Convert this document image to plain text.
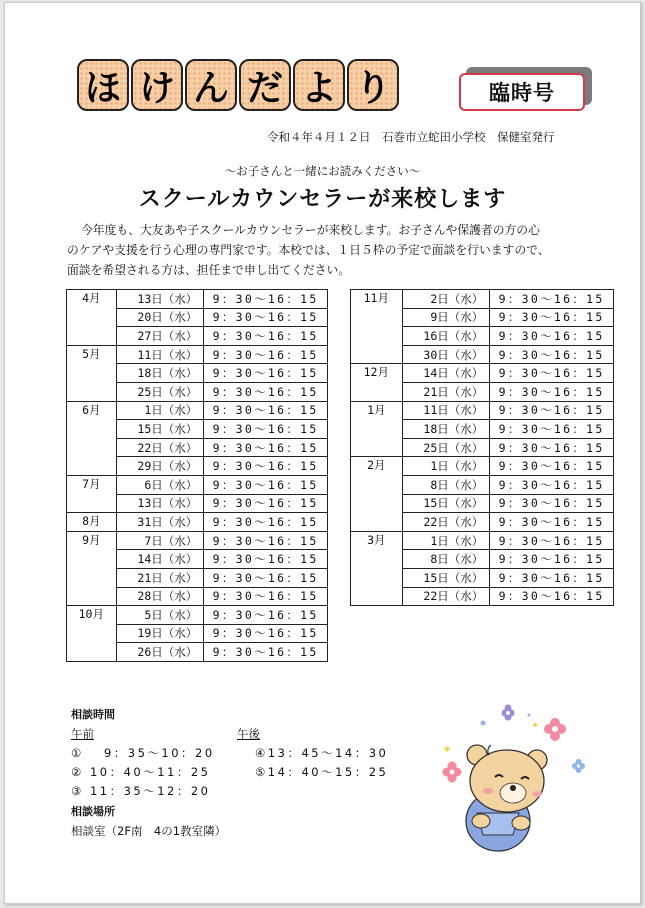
ほ け ん だ よ り	臨時号
令和４年４月１２日　石巻市立蛇田小学校　保健室発行
～お子さんと一緒にお読みください～
スクールカウンセラーが来校します

今年度も、大友あや子スクールカウンセラーが来校します。お子さんや保護者の方の心

のケアや支援を行う心理の専門家です。本校では、１日５枠の予定で面談を行いますので、

面談を希望される方は、担任まで申し出てください。

4月	13日（水）	9：30～16：15
	20日（水）	9：30～16：15
	27日（水）	9：30～16：15
5月	11日（水）	9：30～16：15
	18日（水）	9：30～16：15
	25日（水）	9：30～16：15
6月	1日（水）	9：30～16：15
	15日（水）	9：30～16：15
	22日（水）	9：30～16：15
	29日（水）	9：30～16：15
7月	6日（水）	9：30～16：15
	13日（水）	9：30～16：15
8月	31日（水）	9：30～16：15
9月	7日（水）	9：30～16：15
	14日（水）	9：30～16：15
	21日（水）	9：30～16：15
	28日（水）	9：30～16：15
10月	5日（水）	9：30～16：15
	19日（水）	9：30～16：15
	26日（水）	9：30～16：15
11月	2日（水）	9：30～16：15
	9日（水）	9：30～16：15
	16日（水）	9：30～16：15
	30日（水）	9：30～16：15
12月	14日（水）	9：30～16：15
	21日（水）	9：30～16：15
1月	11日（水）	9：30～16：15
	18日（水）	9：30～16：15
	25日（水）	9：30～16：15
2月	1日（水）	9：30～16：15
	8日（水）	9：30～16：15
	15日（水）	9：30～16：15
	22日（水）	9：30～16：15
3月	1日（水）	9：30～16：15
	8日（水）	9：30～16：15
	15日（水）	9：30～16：15
	22日（水）	9：30～16：15
相談時間
午前	午後
①　 9：35～10：20
② 10：40～11：25
③ 11：35～12：20
④13：45～14：30
⑤14：40～15：25
相談場所
相談室（2F南　4の1教室隣）
